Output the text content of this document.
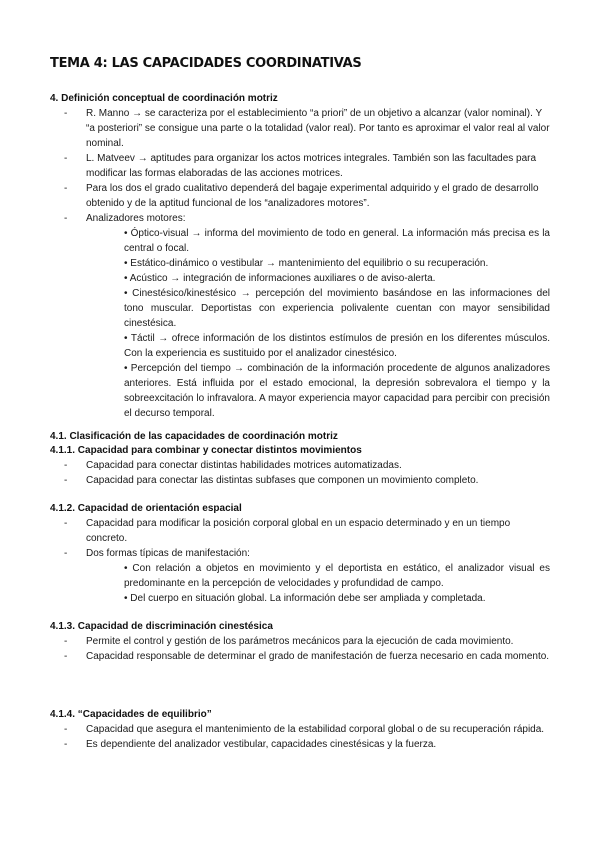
TEMA 4: LAS CAPACIDADES COORDINATIVAS
4. Definición conceptual de coordinación motriz
- R. Manno → se caracteriza por el establecimiento “a priori” de un objetivo a alcanzar (valor nominal). Y “a posteriori” se consigue una parte o la totalidad (valor real). Por tanto es aproximar el valor real al valor nominal.
- L. Matveev → aptitudes para organizar los actos motrices integrales. También son las facultades para modificar las formas elaboradas de las acciones motrices.
- Para los dos el grado cualitativo dependerá del bagaje experimental adquirido y el grado de desarrollo obtenido y de la aptitud funcional de los “analizadores motores”.
- Analizadores motores:
• Óptico-visual → informa del movimiento de todo en general. La información más precisa es la central o focal.
• Estático-dinámico o vestibular → mantenimiento del equilibrio o su recuperación.
• Acústico → integración de informaciones auxiliares o de aviso-alerta.
• Cinestésico/kinestésico → percepción del movimiento basándose en las informaciones del tono muscular. Deportistas con experiencia polivalente cuentan con mayor sensibilidad cinestésica.
• Táctil → ofrece información de los distintos estímulos de presión en los diferentes músculos. Con la experiencia es sustituido por el analizador cinestésico.
• Percepción del tiempo → combinación de la información procedente de algunos analizadores anteriores. Está influida por el estado emocional, la depresión sobrevalora el tiempo y la sobreexcitación lo infravalora. A mayor experiencia mayor capacidad para percibir con precisión el decurso temporal.
4.1. Clasificación de las capacidades de coordinación motriz
4.1.1. Capacidad para combinar y conectar distintos movimientos
- Capacidad para conectar distintas habilidades motrices automatizadas.
- Capacidad para conectar las distintas subfases que componen un movimiento completo.
4.1.2. Capacidad de orientación espacial
- Capacidad para modificar la posición corporal global en un espacio determinado y en un tiempo concreto.
- Dos formas típicas de manifestación:
• Con relación a objetos en movimiento y el deportista en estático, el analizador visual es predominante en la percepción de velocidades y profundidad de campo.
• Del cuerpo en situación global. La información debe ser ampliada y completada.
4.1.3. Capacidad de discriminación cinestésica
- Permite el control y gestión de los parámetros mecánicos para la ejecución de cada movimiento.
- Capacidad responsable de determinar el grado de manifestación de fuerza necesario en cada momento.
4.1.4. “Capacidades de equilibrio”
- Capacidad que asegura el mantenimiento de la estabilidad corporal global o de su recuperación rápida.
- Es dependiente del analizador vestibular, capacidades cinestésicas y la fuerza.
